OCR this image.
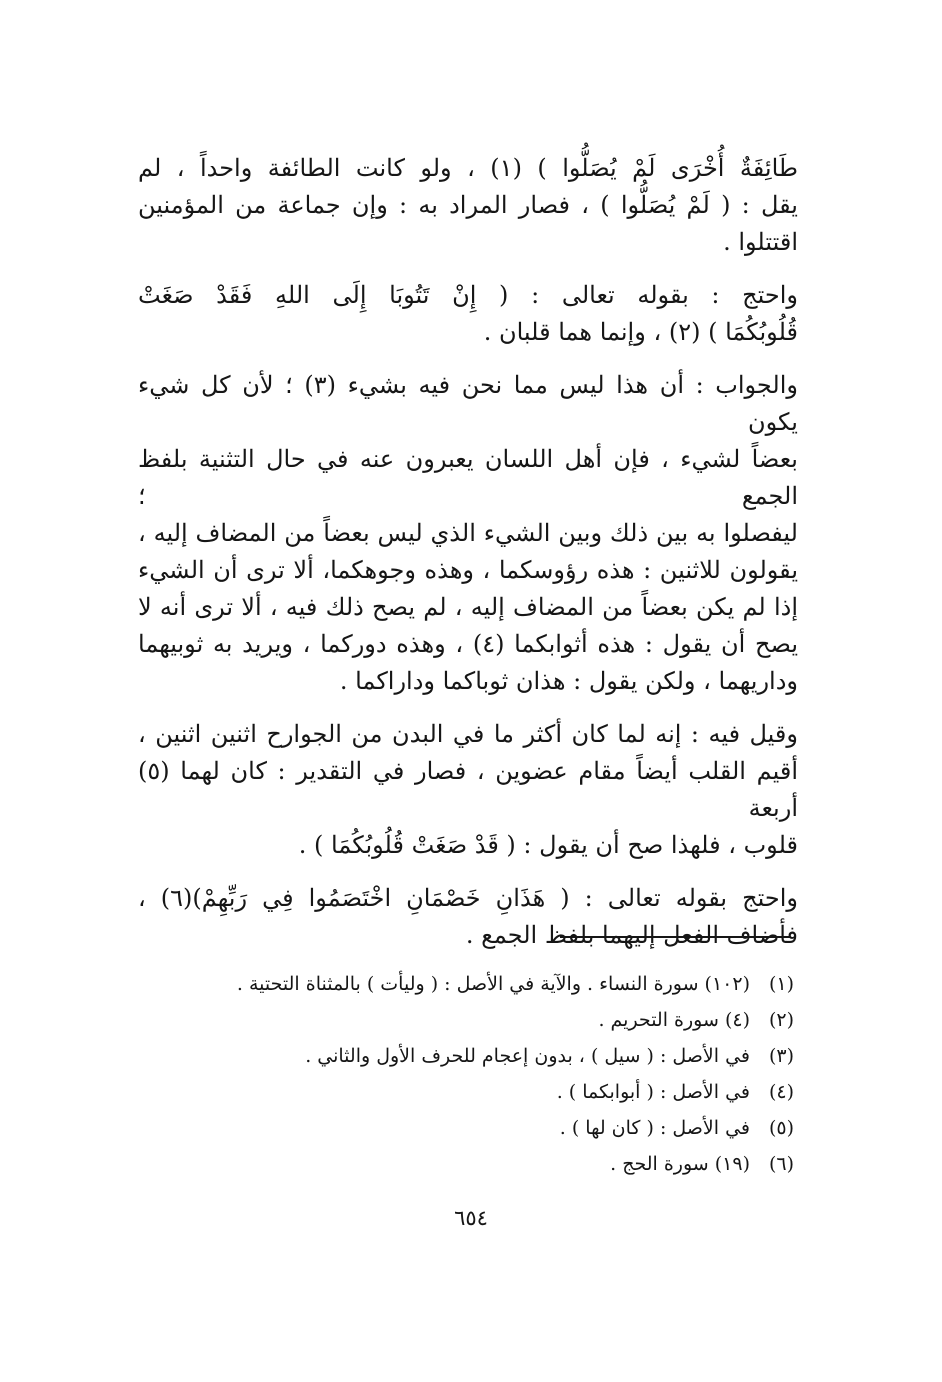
طَائِفَةٌ أُخْرَى لَمْ يُصَلُّوا ) (١) ، ولو كانت الطائفة واحداً ، لم
يقل : ( لَمْ يُصَلُّوا ) ، فصار المراد به : وإن جماعة من المؤمنين
اقتتلوا .

واحتج : بقوله تعالى : ( إِنْ تَتُوبَا إِلَى اللهِ فَقَدْ صَغَتْ
قُلُوبُكُمَا ) (٢) ، وإنما هما قلبان .

والجواب : أن هذا ليس مما نحن فيه بشيء (٣) ؛ لأن كل شيء يكون
بعضاً لشيء ، فإن أهل اللسان يعبرون عنه في حال التثنية بلفظ الجمع ؛
ليفصلوا به بين ذلك وبين الشيء الذي ليس بعضاً من المضاف إليه ،
يقولون للاثنين : هذه رؤوسكما ، وهذه وجوهكما، ألا ترى أن الشيء
إذا لم يكن بعضاً من المضاف إليه ، لم يصح ذلك فيه ، ألا ترى أنه لا
يصح أن يقول : هذه أثوابكما (٤) ، وهذه دوركما ، ويريد به ثوبيهما
وداريهما ، ولكن يقول : هذان ثوباكما وداراكما .

وقيل فيه : إنه لما كان أكثر ما في البدن من الجوارح اثنين اثنين ،
أقيم القلب أيضاً مقام عضوين ، فصار في التقدير : كان لهما (٥) أربعة
قلوب ، فلهذا صح أن يقول : ( قَدْ صَغَتْ قُلُوبُكُمَا ) .

واحتج بقوله تعالى : ( هَذَانِ خَصْمَانِ اخْتَصَمُوا فِي رَبِّهِمْ)(٦) ،
فأضاف الفعل إليهما بلفظ الجمع .

(١)
(١٠٢) سورة النساء . والآية في الأصل : ( وليأت ) بالمثناة التحتية .
(٢)
(٤) سورة التحريم .
(٣)
في الأصل : ( سيل ) ، بدون إعجام للحرف الأول والثاني .
(٤)
في الأصل : ( أبوابكما ) .
(٥)
في الأصل : ( كان لها ) .
(٦)
(١٩) سورة الحج .
٦٥٤
